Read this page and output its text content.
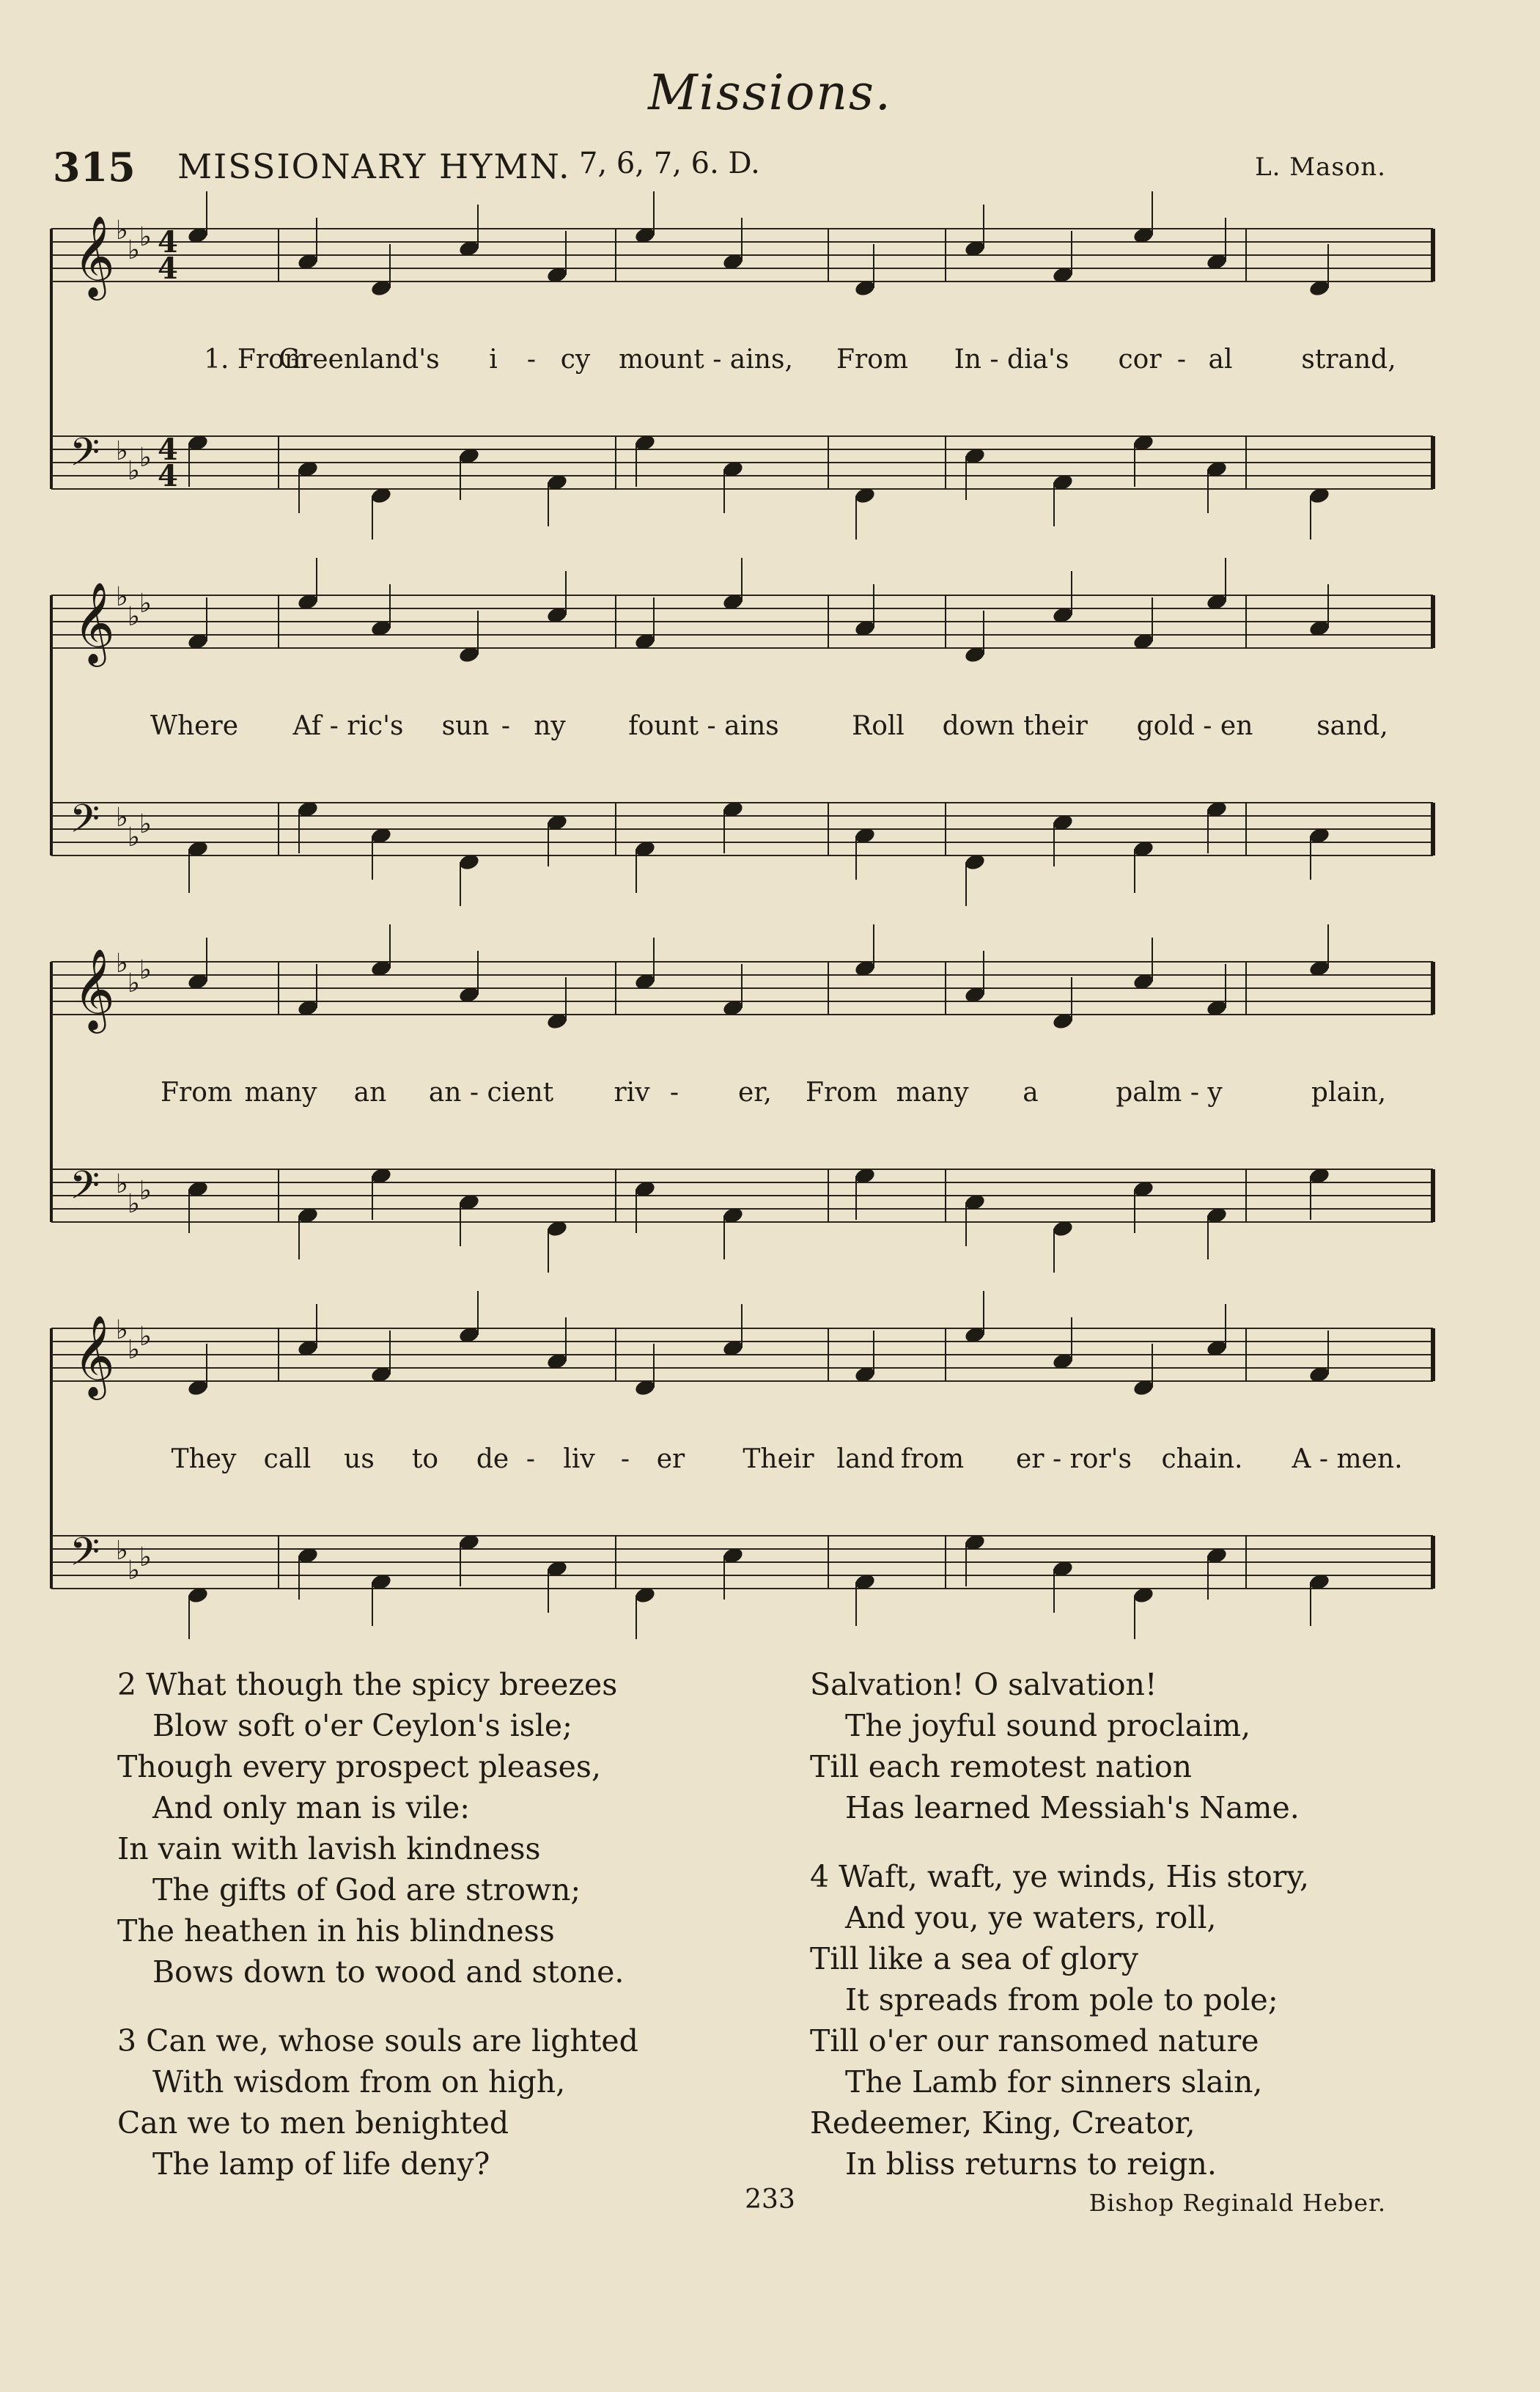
Missions.
315 MISSIONARY HYMN. 7, 6, 7, 6. D.	L. Mason.
𝄞 ♭
♭ ♭ 4
4
𝄢 ♭
♭ ♭ 4
4
1. From
Greenland's i - cy mount - ains, From In - dia's cor - al	strand,
𝄞 ♭
♭ ♭
𝄢 ♭
♭ ♭
Where Af - ric's sun - ny fount - ains	Roll down their gold - en sand,
𝄞 ♭
♭ ♭
𝄢 ♭
♭ ♭
From many an an - cient riv - er, From many a	palm - y	plain,
𝄞 ♭
♭ ♭
𝄢 ♭
♭ ♭
They call us to de - liv - er Their land from er - ror's chain. A - men.
2 What though the spicy breezes
Blow soft o'er Ceylon's isle;
Though every prospect pleases,
And only man is vile:
In vain with lavish kindness
The gifts of God are strown;
The heathen in his blindness
Bows down to wood and stone.
3 Can we, whose souls are lighted
With wisdom from on high,
Can we to men benighted
The lamp of life deny?
Salvation! O salvation!
The joyful sound proclaim,
Till each remotest nation
Has learned Messiah's Name.
4 Waft, waft, ye winds, His story,
And you, ye waters, roll,
Till like a sea of glory
It spreads from pole to pole;
Till o'er our ransomed nature
The Lamb for sinners slain,
Redeemer, King, Creator,
In bliss returns to reign.
233	Bishop Reginald Heber.
